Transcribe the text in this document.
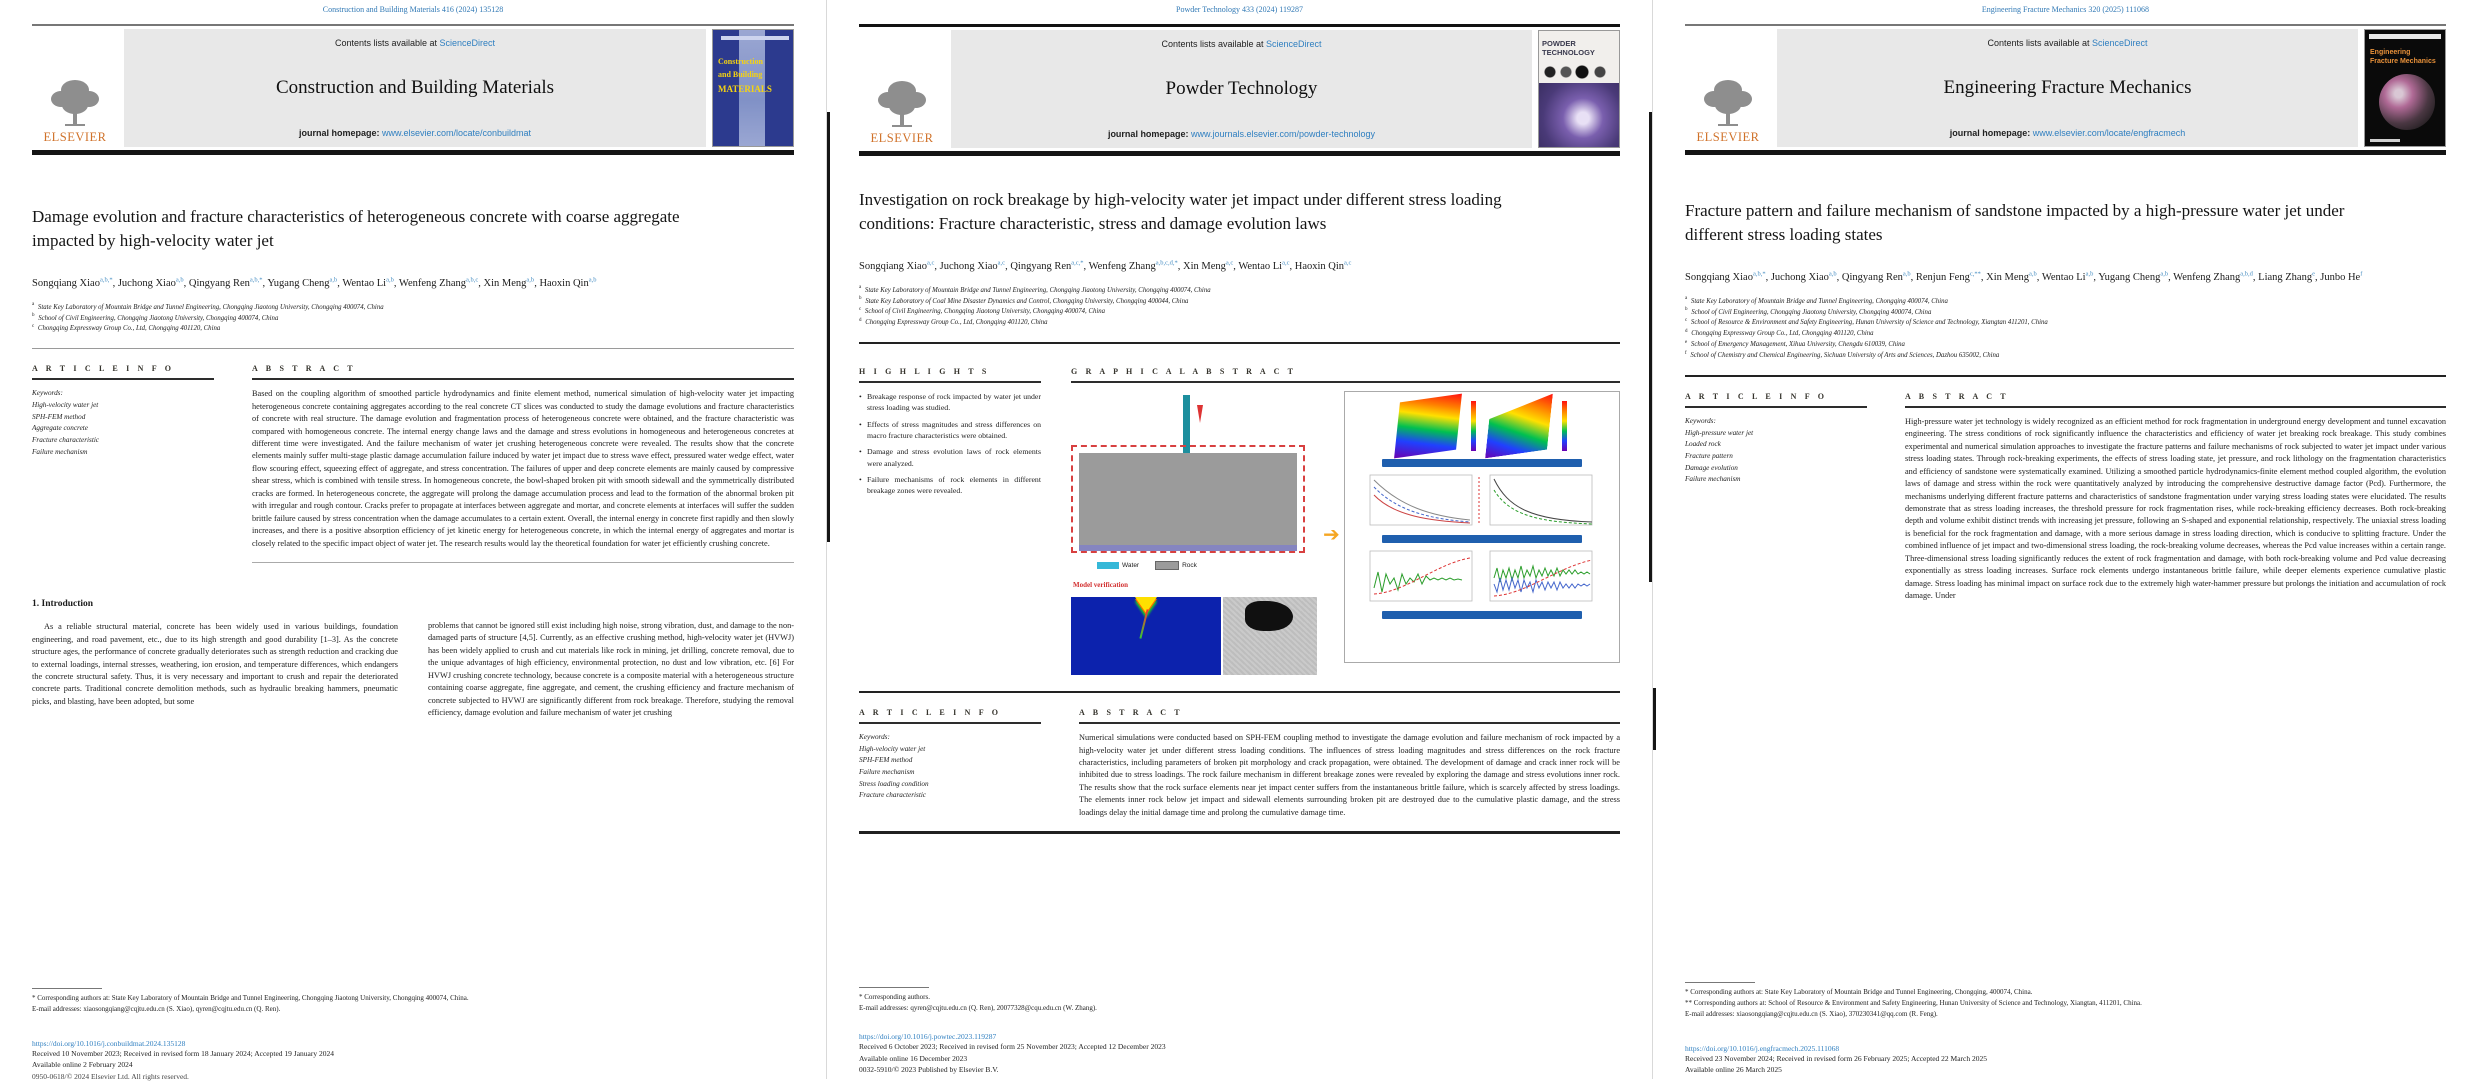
Construction and Building Materials 416 (2024) 135128
ELSEVIER
Contents lists available at ScienceDirect
Construction and Building Materials
journal homepage: www.elsevier.com/locate/conbuildmat
Construction
and Building
MATERIALS
Damage evolution and fracture characteristics of heterogeneous concrete with coarse aggregate impacted by high-velocity water jet
Songqiang Xiao$^{a,b,*}$, Juchong Xiao$^{a,b}$, Qingyang Ren$^{a,b,*}$, Yugang Cheng$^{a,b}$, Wentao Li$^{a,b}$, Wenfeng Zhang$^{a,b,c}$, Xin Meng$^{a,b}$, Haoxin Qin$^{a,b}$
$^a$ State Key Laboratory of Mountain Bridge and Tunnel Engineering, Chongqing Jiaotong University, Chongqing 400074, China
$^b$ School of Civil Engineering, Chongqing Jiaotong University, Chongqing 400074, China
$^c$ Chongqing Expressway Group Co., Ltd, Chongqing 401120, China
A R T I C L E I N F O
Keywords:
High-velocity water jet
SPH-FEM method
Aggregate concrete
Fracture characteristic
Failure mechanism
A B S T R A C T
Based on the coupling algorithm of smoothed particle hydrodynamics and finite element method, numerical simulation of high-velocity water jet impacting heterogeneous concrete containing aggregates according to the real concrete CT slices was conducted to study the damage evolutions and fracture characteristics of concrete with real structure. The damage evolution and fragmentation process of heterogeneous concrete were obtained, and the fracture characteristic was compared with homogeneous concrete. The internal energy change laws and the damage and stress evolutions in homogeneous and heterogeneous concretes at different time were investigated. And the failure mechanism of water jet crushing heterogeneous concrete were revealed. The results show that the concrete elements mainly suffer multi-stage plastic damage accumulation failure induced by water jet impact due to stress wave effect, pressured water wedge effect, water flow scouring effect, squeezing effect of aggregate, and stress concentration. The failures of upper and deep concrete elements are mainly caused by compressive shear stress, which is combined with tensile stress. In homogeneous concrete, the bowl-shaped broken pit with smooth sidewall and the symmetrically distributed cracks are formed. In heterogeneous concrete, the aggregate will prolong the damage accumulation process and lead to the formation of the abnormal broken pit with irregular and rough contour. Cracks prefer to propagate at interfaces between aggregate and mortar, and concrete elements at interfaces will suffer the sudden brittle failure caused by stress concentration when the damage accumulates to a certain extent. Overall, the internal energy in concrete first rapidly and then slowly increases, and there is a positive absorption efficiency of jet kinetic energy for heterogeneous concrete, in which the internal energy of aggregates and mortar is closely related to the specific impact object of water jet. The research results would lay the theoretical foundation for water jet efficiently crushing concrete.
1. Introduction
As a reliable structural material, concrete has been widely used in various buildings, foundation engineering, and road pavement, etc., due to its high strength and good durability [1–3]. As the concrete structure ages, the performance of concrete gradually deteriorates such as strength reduction and cracking due to external loadings, internal stresses, weathering, ion erosion, and temperature differences, which endangers the concrete structural safety. Thus, it is very necessary and important to crush and repair the deteriorated concrete parts. Traditional concrete demolition methods, such as hydraulic breaking hammers, pneumatic picks, and blasting, have been adopted, but some
problems that cannot be ignored still exist including high noise, strong vibration, dust, and damage to the non-damaged parts of structure [4,5]. Currently, as an effective crushing method, high-velocity water jet (HVWJ) has been widely applied to crush and cut materials like rock in mining, jet drilling, concrete removal, due to the unique advantages of high efficiency, environmental protection, no dust and low vibration, etc. [6] For HVWJ crushing concrete technology, because concrete is a composite material with a heterogeneous structure containing coarse aggregate, fine aggregate, and cement, the crushing efficiency and fracture mechanism of concrete subjected to HVWJ are significantly different from rock breakage. Therefore, studying the removal efficiency, damage evolution and failure mechanism of water jet crushing
* Corresponding authors at: State Key Laboratory of Mountain Bridge and Tunnel Engineering, Chongqing Jiaotong University, Chongqing 400074, China.
E-mail addresses: xiaosongqiang@cqjtu.edu.cn (S. Xiao), qyren@cqjtu.edu.cn (Q. Ren).
https://doi.org/10.1016/j.conbuildmat.2024.135128
Received 10 November 2023; Received in revised form 18 January 2024; Accepted 19 January 2024
Available online 2 February 2024
0950-0618/© 2024 Elsevier Ltd. All rights reserved.
Powder Technology 433 (2024) 119287
ELSEVIER
Contents lists available at ScienceDirect
Powder Technology
journal homepage: www.journals.elsevier.com/powder-technology
POWDER
TECHNOLOGY
Investigation on rock breakage by high-velocity water jet impact under different stress loading conditions: Fracture characteristic, stress and damage evolution laws
Songqiang Xiao$^{a,c}$, Juchong Xiao$^{a,c}$, Qingyang Ren$^{a,c,*}$, Wenfeng Zhang$^{a,b,c,d,*}$, Xin Meng$^{a,c}$, Wentao Li$^{a,c}$, Haoxin Qin$^{a,c}$
$^a$ State Key Laboratory of Mountain Bridge and Tunnel Engineering, Chongqing Jiaotong University, Chongqing 400074, China
$^b$ State Key Laboratory of Coal Mine Disaster Dynamics and Control, Chongqing University, Chongqing 400044, China
$^c$ School of Civil Engineering, Chongqing Jiaotong University, Chongqing 400074, China
$^d$ Chongqing Expressway Group Co., Ltd, Chongqing 401120, China
H I G H L I G H T S
• Breakage response of rock impacted by water jet under stress loading was studied.
• Effects of stress magnitudes and stress differences on macro fracture characteristics were obtained.
• Damage and stress evolution laws of rock elements were analyzed.
• Failure mechanisms of rock elements in different breakage zones were revealed.
G R A P H I C A L A B S T R A C T
Water	Rock
Model verification
➔
A R T I C L E I N F O
Keywords:
High-velocity water jet
SPH-FEM method
Failure mechanism
Stress loading condition
Fracture characteristic
A B S T R A C T
Numerical simulations were conducted based on SPH-FEM coupling method to investigate the damage evolution and failure mechanism of rock impacted by a high-velocity water jet under different stress loading conditions. The influences of stress loading magnitudes and stress differences on the rock fracture characteristics, including parameters of broken pit morphology and crack propagation, were obtained. The development of damage and crack inner rock will be inhibited due to stress loadings. The rock failure mechanism in different breakage zones were revealed by exploring the damage and stress evolutions inner rock. The results show that the rock surface elements near jet impact center suffers from the instantaneous brittle failure, which is scarcely affected by stress loadings. The elements inner rock below jet impact and sidewall elements surrounding broken pit are destroyed due to the cumulative plastic damage, and the stress loadings delay the initial damage time and prolong the cumulative damage time.
* Corresponding authors.
E-mail addresses: qyren@cqjtu.edu.cn (Q. Ren), 20077328@cqu.edu.cn (W. Zhang).
https://doi.org/10.1016/j.powtec.2023.119287
Received 6 October 2023; Received in revised form 25 November 2023; Accepted 12 December 2023
Available online 16 December 2023
0032-5910/© 2023 Published by Elsevier B.V.
Engineering Fracture Mechanics 320 (2025) 111068
ELSEVIER
Contents lists available at ScienceDirect
Engineering Fracture Mechanics
journal homepage: www.elsevier.com/locate/engfracmech
Engineering
Fracture Mechanics
Fracture pattern and failure mechanism of sandstone impacted by a high-pressure water jet under different stress loading states
Songqiang Xiao$^{a,b,*}$, Juchong Xiao$^{a,b}$, Qingyang Ren$^{a,b}$, Renjun Feng$^{c,**}$, Xin Meng$^{a,b}$, Wentao Li$^{a,b}$, Yugang Cheng$^{a,b}$, Wenfeng Zhang$^{a,b,d}$, Liang Zhang$^e$, Junbo He$^f$
$^a$ State Key Laboratory of Mountain Bridge and Tunnel Engineering, Chongqing 400074, China
$^b$ School of Civil Engineering, Chongqing Jiaotong University, Chongqing 400074, China
$^c$ School of Resource & Environment and Safety Engineering, Hunan University of Science and Technology, Xiangtan 411201, China
$^d$ Chongqing Expressway Group Co., Ltd, Chongqing 401120, China
$^e$ School of Emergency Management, Xihua University, Chengdu 610039, China
$^f$ School of Chemistry and Chemical Engineering, Sichuan University of Arts and Sciences, Dazhou 635002, China
A R T I C L E I N F O
Keywords:
High-pressure water jet
Loaded rock
Fracture pattern
Damage evolution
Failure mechanism
A B S T R A C T
High-pressure water jet technology is widely recognized as an efficient method for rock fragmentation in underground energy development and tunnel excavation engineering. The stress conditions of rock significantly influence the characteristics and efficiency of water jet breaking rock breakage. This study combines experimental and numerical simulation approaches to investigate the fracture patterns and failure mechanisms of rock subjected to water jet impact under various stress loading states. Through rock-breaking experiments, the effects of stress loading state, jet pressure, and rock lithology on the fragmentation characteristics and efficiency of sandstone were systematically examined. Utilizing a smoothed particle hydrodynamics-finite element method coupled algorithm, the evolution laws of damage and stress within the rock were quantitatively analyzed by introducing the comprehensive destructive damage factor (Pcd). Furthermore, the mechanisms underlying different fracture patterns and characteristics of sandstone fragmentation under varying stress loading states were elucidated. The results demonstrate that as stress loading increases, the threshold pressure for rock fragmentation rises, while rock-breaking efficiency decreases. Both rock-breaking depth and volume exhibit distinct trends with increasing jet pressure, following an S-shaped and exponential relationship, respectively. The uniaxial stress loading is beneficial for the rock fragmentation and damage, with a more serious damage in stress loading direction, which is conducive to splitting fracture. Under the combined influence of jet impact and two-dimensional stress loading, the rock-breaking volume decreases, whereas the Pcd value increases within a certain range. Three-dimensional stress loading significantly reduces the extent of rock fragmentation and damage, with both rock-breaking volume and Pcd value decreasing exponentially as stress loading increases. Surface rock elements undergo instantaneous brittle failure, while deeper elements experience cumulative plastic damage. Stress loading has minimal impact on surface rock due to the extremely high water-hammer pressure but prolongs the initiation and accumulation of rock damage. Under
* Corresponding authors at: State Key Laboratory of Mountain Bridge and Tunnel Engineering, Chongqing, 400074, China.
** Corresponding authors at: School of Resource & Environment and Safety Engineering, Hunan University of Science and Technology, Xiangtan, 411201, China.
E-mail addresses: xiaosongqiang@cqjtu.edu.cn (S. Xiao), 370230341@qq.com (R. Feng).
https://doi.org/10.1016/j.engfracmech.2025.111068
Received 23 November 2024; Received in revised form 26 February 2025; Accepted 22 March 2025
Available online 26 March 2025
